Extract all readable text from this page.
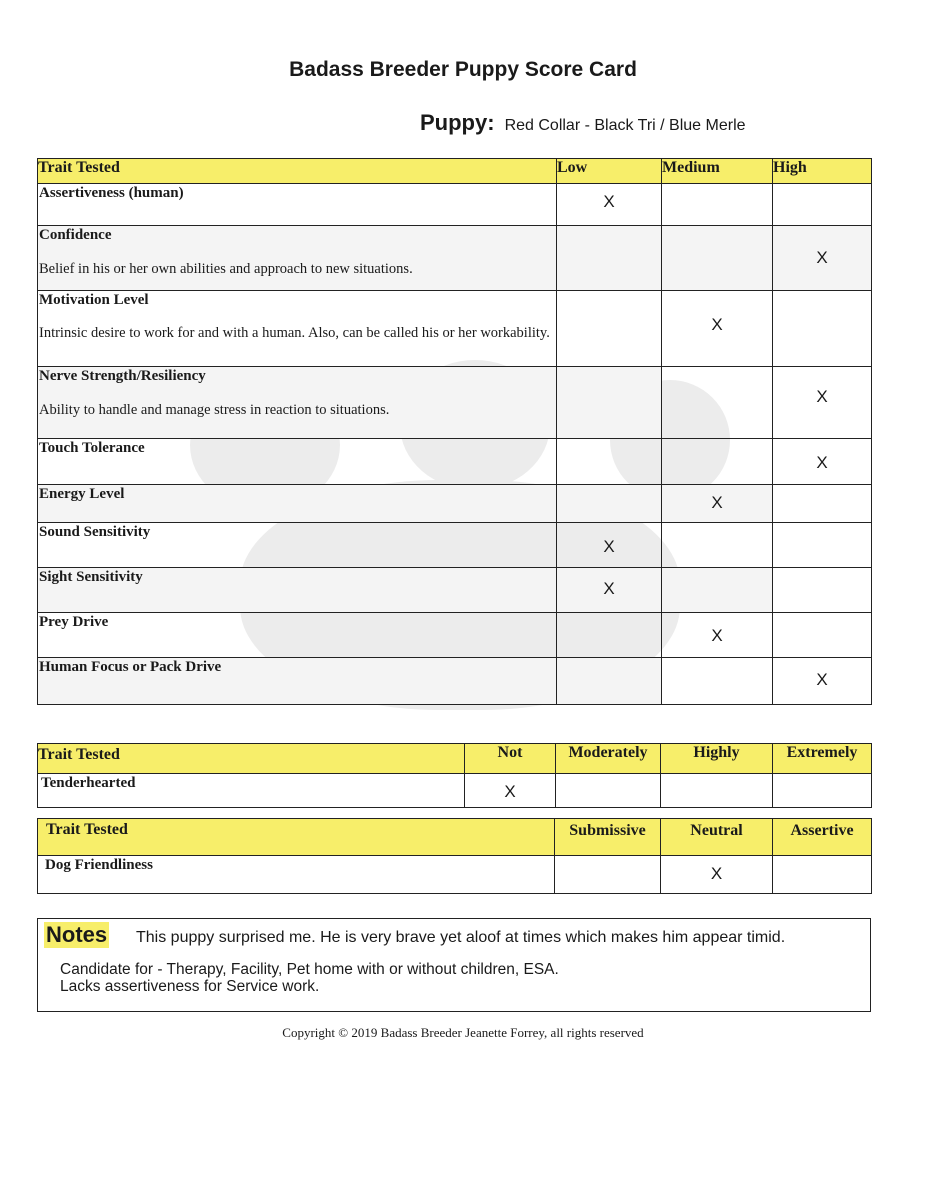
Badass Breeder Puppy Score Card
Puppy: Red Collar - Black Tri / Blue Merle
Trait Tested	Low	Medium	High

Assertiveness (human)	X		

Confidence
Belief in his or her own abilities and approach to new situations.			X

Motivation Level
Intrinsic desire to work for and with a human. Also, can be called his or her workability.		X	

Nerve Strength/Resiliency
Ability to handle and manage stress in reaction to situations.			X

Touch Tolerance			X

Energy Level		X	

Sound Sensitivity	X		

Sight Sensitivity	X		

Prey Drive		X	

Human Focus or Pack Drive			X
Trait Tested	Not	Moderately	Highly	Extremely

Tenderhearted	X			

Trait Tested	Submissive	Neutral	Assertive

Dog Friendliness		X	

Notes This puppy surprised me. He is very brave yet aloof at times which makes him appear timid.
Candidate for - Therapy, Facility, Pet home with or without children, ESA.
Lacks assertiveness for Service work.
Copyright © 2019 Badass Breeder Jeanette Forrey, all rights reserved
